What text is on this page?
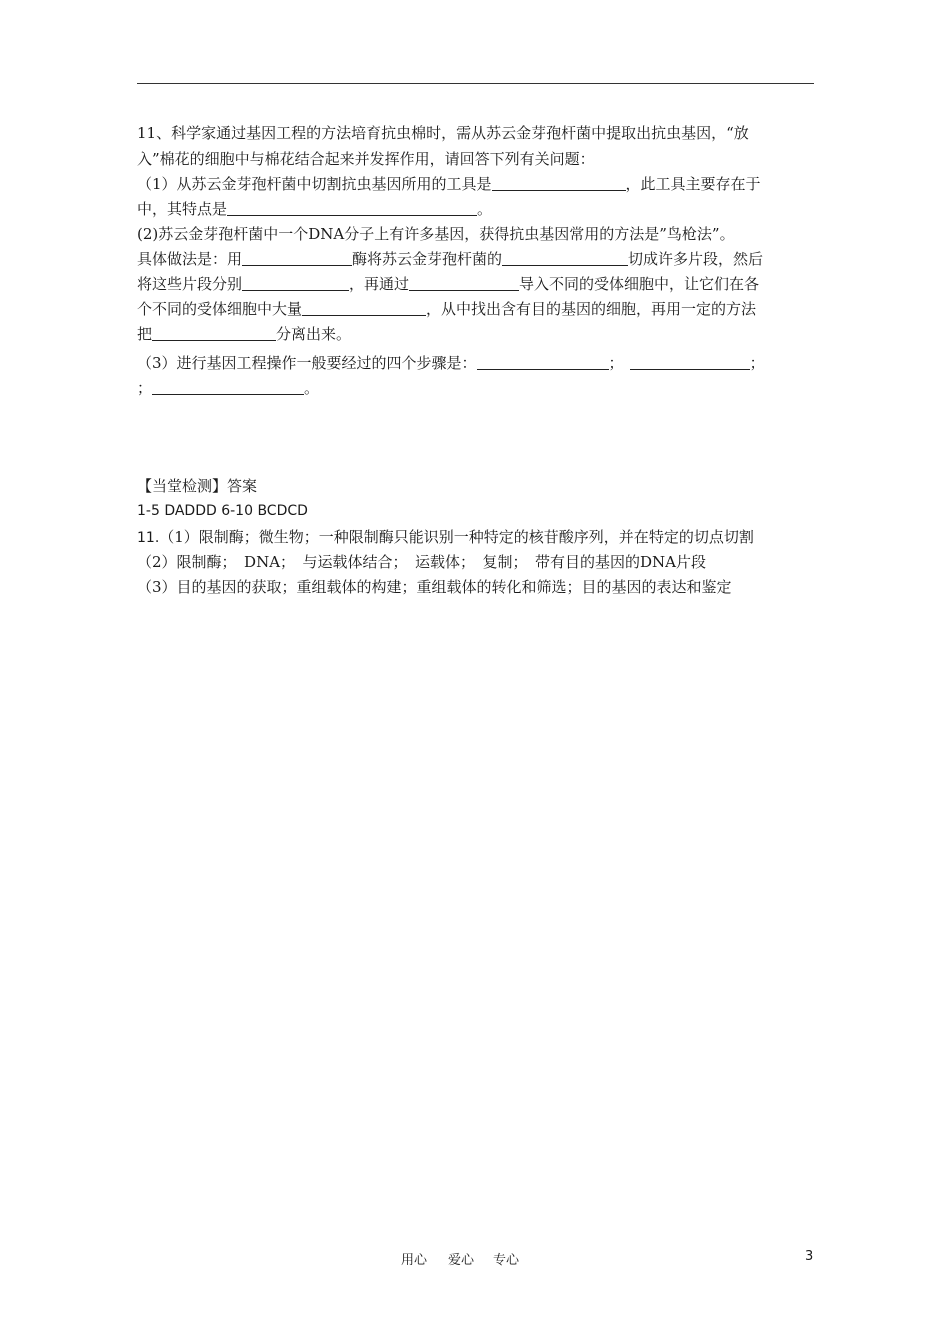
11、科学家通过基因工程的方法培育抗虫棉时，需从苏云金芽孢杆菌中提取出抗虫基因，“放
入”棉花的细胞中与棉花结合起来并发挥作用，请回答下列有关问题：
（1）从苏云金芽孢杆菌中切割抗虫基因所用的工具是	，此工具主要存在于
中，其特点是	。
(2)苏云金芽孢杆菌中一个DNA分子上有许多基因，获得抗虫基因常用的方法是”鸟枪法”。
具体做法是：用	酶将苏云金芽孢杆菌的	切成许多片段，然后
将这些片段分别	，再通过	导入不同的受体细胞中，让它们在各
个不同的受体细胞中大量	，从中找出含有目的基因的细胞，再用一定的方法
把	分离出来。
（3）进行基因工程操作一般要经过的四个步骤是：	；	；
；	。
【当堂检测】答案
1-5 DADDD 6-10 BCDCD
11.（1）限制酶；微生物；一种限制酶只能识别一种特定的核苷酸序列，并在特定的切点切割
（2）限制酶；　DNA；　与运载体结合；　运载体；　复制；　带有目的基因的DNA片段
（3）目的基因的获取；重组载体的构建；重组载体的转化和筛选；目的基因的表达和鉴定
用心 爱心 专心	3
